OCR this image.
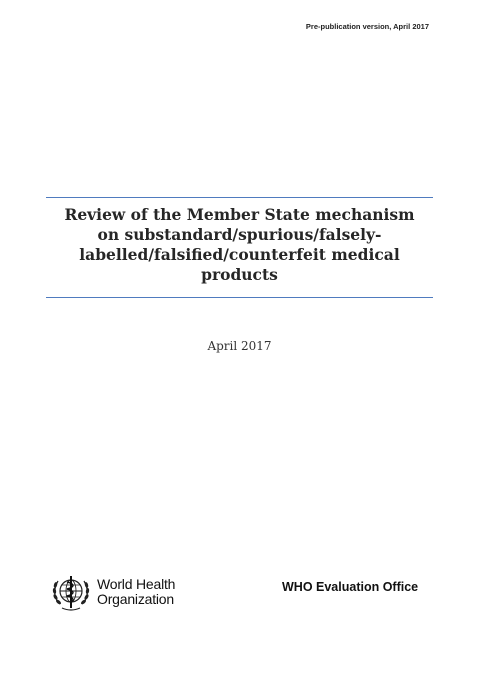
Pre-publication version, April 2017
Review of the Member State mechanism
on substandard/spurious/falsely-
labelled/falsified/counterfeit medical
products
April 2017
World Health
Organization
WHO Evaluation Office
